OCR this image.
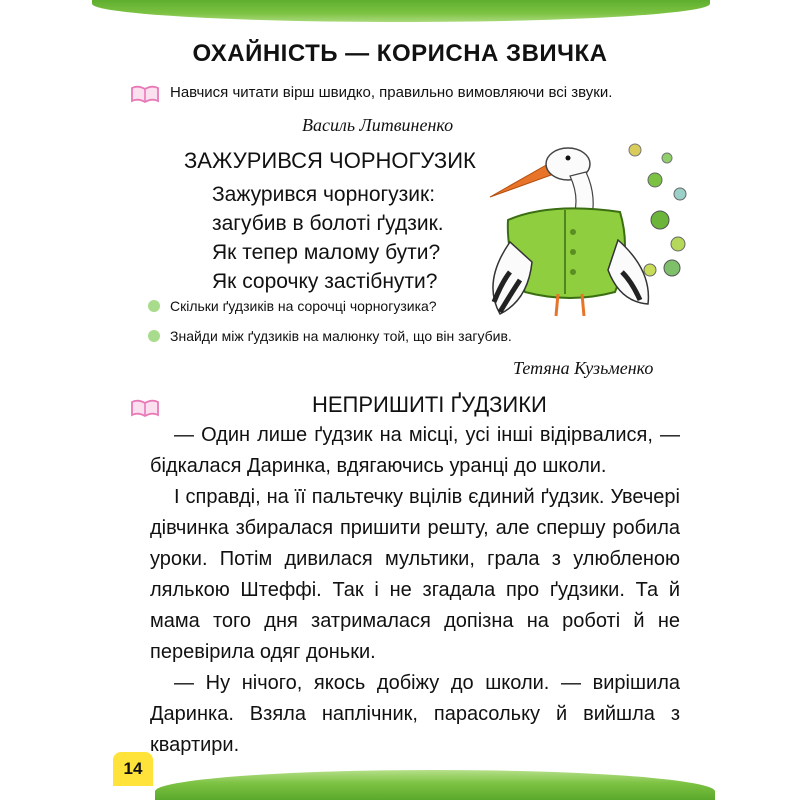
ОХАЙНІСТЬ — КОРИСНА ЗВИЧКА
Навчися читати вірш швидко, правильно вимовляючи всі звуки.
Василь Литвиненко
ЗАЖУРИВСЯ ЧОРНОГУЗИК
Зажурився чорногузик:
загубив в болоті ґудзик.
Як тепер малому бути?
Як сорочку застібнути?
Скільки ґудзиків на сорочці чорногузика?
Знайди між ґудзиків на малюнку той, що він загубив.
Тетяна Кузьменко
НЕПРИШИТІ ҐУДЗИКИ

— Один лише ґудзик на місці, усі інші відірвалися, — бідкалася Даринка, вдягаючись уранці до школи.

І справді, на її пальтечку вцілів єдиний ґудзик. Увечері дівчинка збиралася пришити решту, але спершу робила уроки. Потім дивилася мультики, грала з улюбленою лялькою Штеффі. Так і не згадала про ґудзики. Та й мама того дня затрималася допізна на роботі й не перевірила одяг доньки.

— Ну нічого, якось добіжу до школи. — вирішила Даринка. Взяла наплічник, парасольку й вийшла з квартири.

14
